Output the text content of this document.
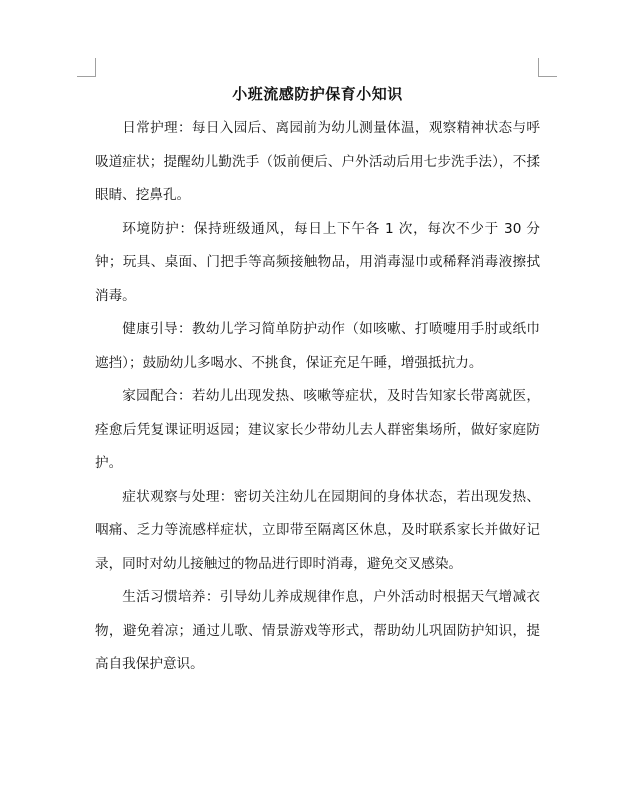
小班流感防护保育小知识

日常护理：每日入园后、离园前为幼儿测量体温，观察精神状态与呼吸道症状；提醒幼儿勤洗手（饭前便后、户外活动后用七步洗手法），不揉眼睛、挖鼻孔。

环境防护：保持班级通风，每日上下午各 1 次，每次不少于 30 分钟；玩具、桌面、门把手等高频接触物品，用消毒湿巾或稀释消毒液擦拭消毒。

健康引导：教幼儿学习简单防护动作（如咳嗽、打喷嚏用手肘或纸巾遮挡）；鼓励幼儿多喝水、不挑食，保证充足午睡，增强抵抗力。

家园配合：若幼儿出现发热、咳嗽等症状，及时告知家长带离就医，痊愈后凭复课证明返园；建议家长少带幼儿去人群密集场所，做好家庭防护。

症状观察与处理：密切关注幼儿在园期间的身体状态，若出现发热、咽痛、乏力等流感样症状，立即带至隔离区休息，及时联系家长并做好记录，同时对幼儿接触过的物品进行即时消毒，避免交叉感染。

生活习惯培养：引导幼儿养成规律作息，户外活动时根据天气增减衣物，避免着凉；通过儿歌、情景游戏等形式，帮助幼儿巩固防护知识，提高自我保护意识。
